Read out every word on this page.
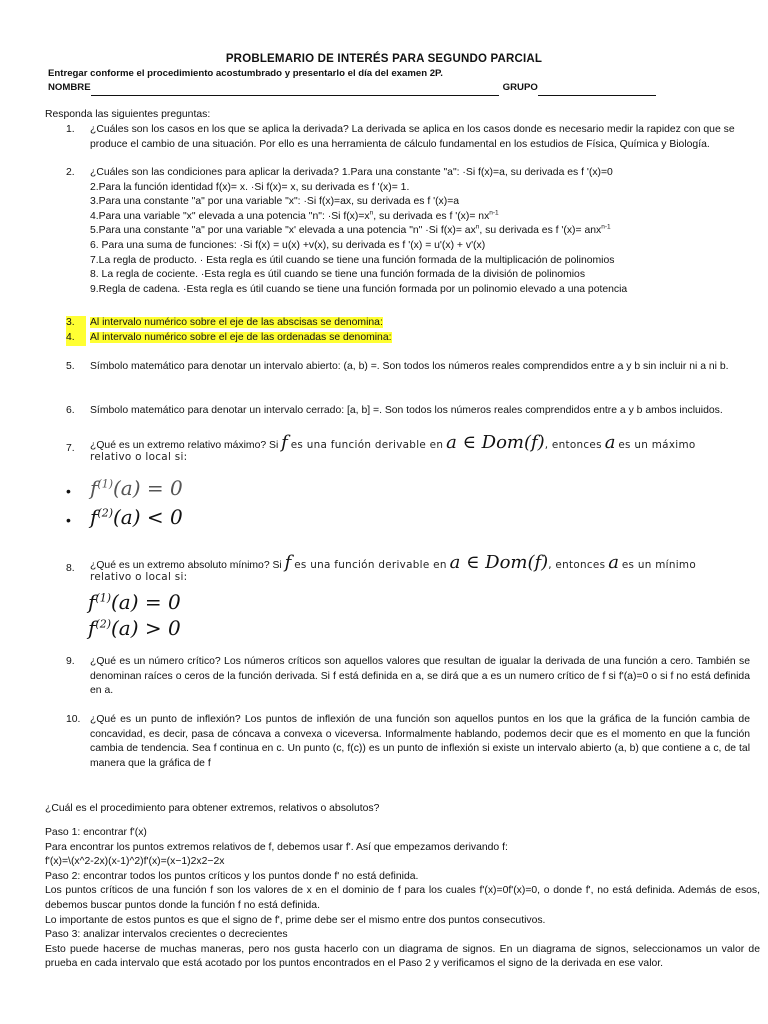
PROBLEMARIO DE INTERÉS PARA SEGUNDO PARCIAL
Entregar conforme el procedimiento acostumbrado y presentarlo el día del examen 2P.
NOMBRE	GRUPO
Responda las siguientes preguntas:
1.	¿Cuáles son los casos en los que se aplica la derivada? La derivada se aplica en los casos donde es necesario medir la rapidez con que se produce el cambio de una situación. Por ello es una herramienta de cálculo fundamental en los estudios de Física, Química y Biología.
2.	¿Cuáles son las condiciones para aplicar la derivada? 1.Para una constante "a": ·Si f(x)=a, su derivada es f '(x)=0
2.Para la función identidad f(x)= x. ·Si f(x)= x, su derivada es f '(x)= 1.
3.Para una constante "a" por una variable "x": ·Si f(x)=ax, su derivada es f '(x)=a
4.Para una variable "x" elevada a una potencia "n": ·Si $f(x)=x^n$, su derivada es f '$(x)= nx^{n-1}$
5.Para una constante "a" por una variable "x' elevada a una potencia "n" ·Si $f(x)= ax^n$, su derivada es f '(x)= anx$^{n-1}$
6. Para una suma de funciones: ·Si f(x) = u(x) +v(x), su derivada es f '(x) = u'(x) + v'(x)
7.La regla de producto. · Esta regla es útil cuando se tiene una función formada de la multiplicación de polinomios
8. La regla de cociente. ·Esta regla es útil cuando se tiene una función formada de la división de polinomios
9.Regla de cadena. ·Esta regla es útil cuando se tiene una función formada por un polinomio elevado a una potencia
3.	Al intervalo numérico sobre el eje de las abscisas se denomina:
4.	Al intervalo numérico sobre el eje de las ordenadas se denomina:
5.	Símbolo matemático para denotar un intervalo abierto: (a, b) =. Son todos los números reales comprendidos entre a y b sin incluir ni a ni b.
6.	Símbolo matemático para denotar un intervalo cerrado: [a, b] =. Son todos los números reales comprendidos entre a y b ambos incluidos.
7.	¿Qué es un extremo relativo máximo? Si f es una función derivable en a ∈ Dom(f), entonces a es un máximo
relativo o local si:
• $f^{(1)}(a) = 0$
• $f^{(2)}(a) < 0$
8.	¿Qué es un extremo absoluto mínimo? Si f es una función derivable en a ∈ Dom(f), entonces a es un mínimo
relativo o local si:
$f^{(1)}(a) = 0$
$f^{(2)}(a) > 0$
9.	¿Qué es un número crítico? Los números críticos son aquellos valores que resultan de igualar la derivada de una función a cero. También se denominan raíces o ceros de la función derivada. Si f está definida en a, se dirá que a es un numero crítico de f si f'(a)=0 o si f no está definida en a.
10. ¿Qué es un punto de inflexión? Los puntos de inflexión de una función son aquellos puntos en los que la gráfica de la función cambia de concavidad, es decir, pasa de cóncava a convexa o viceversa. Informalmente hablando, podemos decir que es el momento en que la función cambia de tendencia. Sea f continua en c. Un punto (c, f(c)) es un punto de inflexión si existe un intervalo abierto (a, b) que contiene a c, de tal manera que la gráfica de f
¿Cuál es el procedimiento para obtener extremos, relativos o absolutos?
Paso 1: encontrar f'(x)
Para encontrar los puntos extremos relativos de f, debemos usar f'. Así que empezamos derivando f:
f'(x)=\(x^2-2x)(x-1)^2)f'(x)=(x−1)2x2−2x
Paso 2: encontrar todos los puntos críticos y los puntos donde f' no está definida.
Los puntos críticos de una función f son los valores de x en el dominio de f para los cuales f'(x)=0f'(x)=0, o donde f', no está definida. Además de esos, debemos buscar puntos donde la función f no está definida.
Lo importante de estos puntos es que el signo de f', prime debe ser el mismo entre dos puntos consecutivos.
Paso 3: analizar intervalos crecientes o decrecientes
Esto puede hacerse de muchas maneras, pero nos gusta hacerlo con un diagrama de signos. En un diagrama de signos, seleccionamos un valor de prueba en cada intervalo que está acotado por los puntos encontrados en el Paso 2 y verificamos el signo de la derivada en ese valor.
